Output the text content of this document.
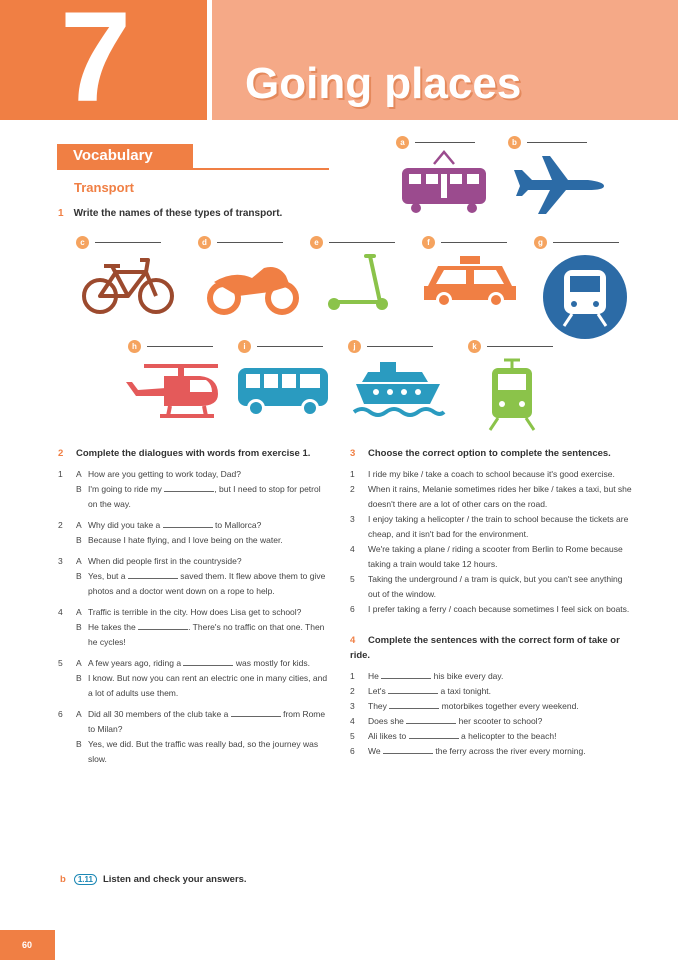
7	Going places
Vocabulary
Transport
1 Write the names of these types of transport.
a	b
c	d	e	f	g
h	i	j	k
2 Complete the dialogues with words from exercise 1.
1	A How are you getting to work today, Dad?
B I'm going to ride my	, but I need to stop for petrol on the way.
2	A Why did you take a	to Mallorca?
B Because I hate flying, and I love being on the water.
3	A When did people first in the countryside?
B Yes, but a	saved them. It flew above them to give photos and a doctor went down on a rope to help.
4	A Traffic is terrible in the city. How does Lisa get to school?
B He takes the	. There's no traffic on that one. Then he cycles!
5	A A few years ago, riding a	was mostly for kids.
B I know. But now you can rent an electric one in many cities, and a lot of adults use them.
6	A Did all 30 members of the club take a	from Rome to Milan?
B Yes, we did. But the traffic was really bad, so the journey was slow.
b	1.11	Listen and check your answers.
3 Choose the correct option to complete the sentences.
1	I ride my bike / take a coach to school because it's good exercise.
2	When it rains, Melanie sometimes rides her bike / takes a taxi, but she doesn't there are a lot of other cars on the road.
3	I enjoy taking a helicopter / the train to school because the tickets are cheap, and it isn't bad for the environment.
4	We're taking a plane / riding a scooter from Berlin to Rome because taking a train would take 12 hours.
5	Taking the underground / a tram is quick, but you can't see anything out of the window.
6	I prefer taking a ferry / coach because sometimes I feel sick on boats.
4 Complete the sentences with the correct form of take or ride.
1	He	his bike every day.
2	Let's	a taxi tonight.
3	They	motorbikes together every weekend.
4	Does she	her scooter to school?
5	Ali likes to	a helicopter to the beach!
6	We	the ferry across the river every morning.
60
